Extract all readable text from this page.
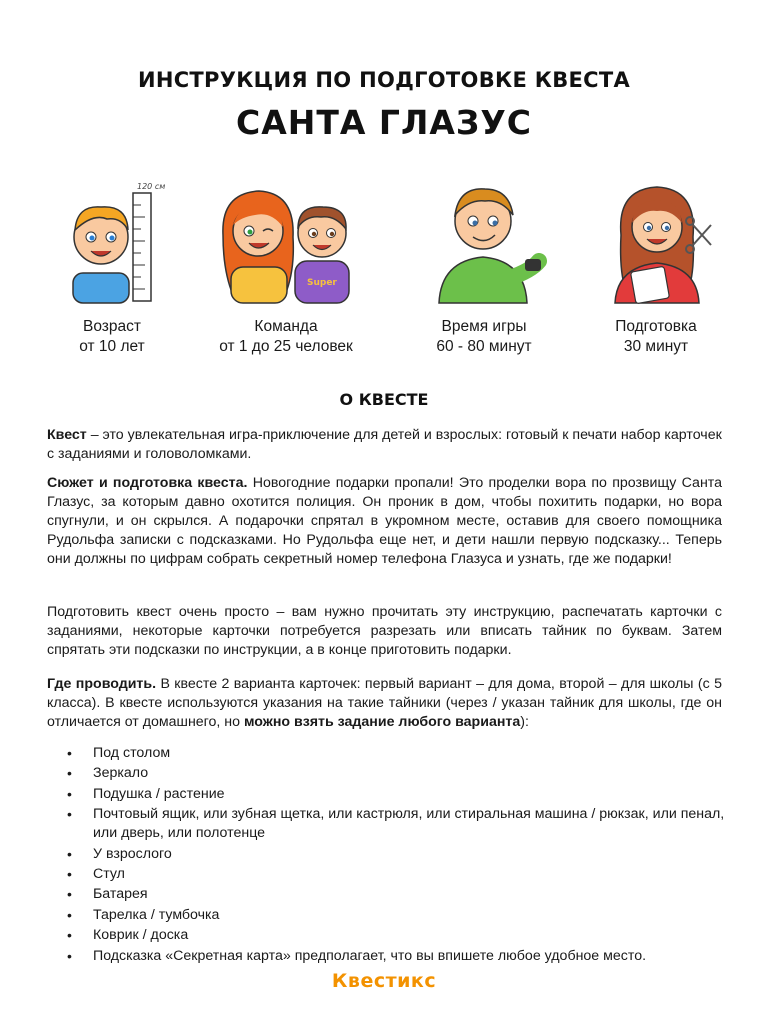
ИНСТРУКЦИЯ ПО ПОДГОТОВКЕ КВЕСТА
САНТА ГЛАЗУС
120 см
Возраст
от 10 лет
Super
Команда
от 1 до 25 человек
Время игры
60 - 80 минут
Подготовка
30 минут
О КВЕСТЕ

Квест – это увлекательная игра-приключение для детей и взрослых: готовый к печати набор карточек с заданиями и головоломками.

Сюжет и подготовка квеста. Новогодние подарки пропали! Это проделки вора по прозвищу Санта Глазус, за которым давно охотится полиция. Он проник в дом, чтобы похитить подарки, но вора спугнули, и он скрылся. А подарочки спрятал в укромном месте, оставив для своего помощника Рудольфа записки с подсказками. Но Рудольфа еще нет, и дети нашли первую подсказку... Теперь они должны по цифрам собрать секретный номер телефона Глазуса и узнать, где же подарки!

Подготовить квест очень просто – вам нужно прочитать эту инструкцию, распечатать карточки с заданиями, некоторые карточки потребуется разрезать или вписать тайник по буквам. Затем спрятать эти подсказки по инструкции, а в конце приготовить подарки.

Где проводить. В квесте 2 варианта карточек: первый вариант – для дома, второй – для школы (с 5 класса). В квесте используются указания на такие тайники (через / указан тайник для школы, где он отличается от домашнего, но можно взять задание любого варианта):

• Под столом
• Зеркало
• Подушка / растение
• Почтовый ящик, или зубная щетка, или кастрюля, или стиральная машина / рюкзак, или пенал, или дверь, или полотенце
• У взрослого
• Стул
• Батарея
• Тарелка / тумбочка
• Коврик / доска
• Подсказка «Секретная карта» предполагает, что вы впишете любое удобное место.
Квестикс
